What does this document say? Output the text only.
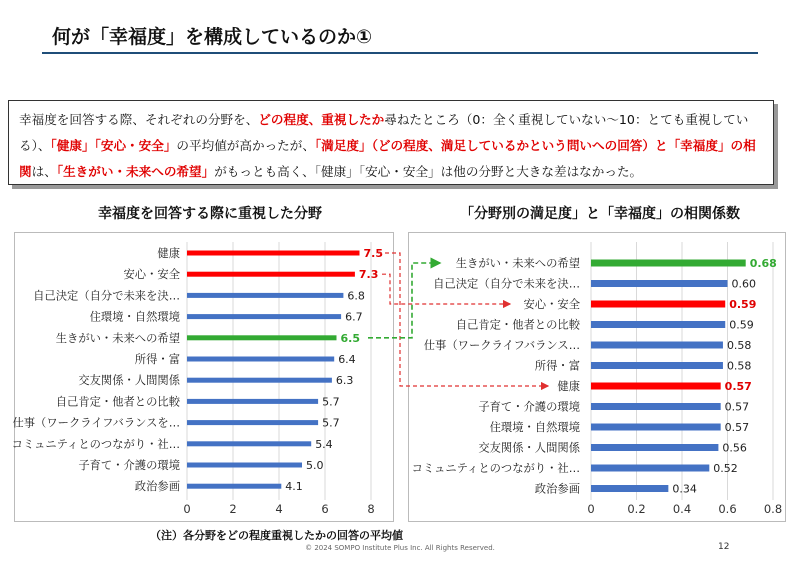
何が「幸福度」を構成しているのか①
幸福度を回答する際、それぞれの分野を、どの程度、重視したか尋ねたところ（0：全く重視していない～10：とても重視している）、「健康」「安心・安全」の平均値が高かったが、「満足度」（どの程度、満足しているかという問いへの回答）と「幸福度」の相関は、「生きがい・未来への希望」がもっとも高く、「健康」「安心・安全」は他の分野と大きな差はなかった。
幸福度を回答する際に重視した分野	「分野別の満足度」と「幸福度」の相関係数
0	2	4	6	8
健康	7.5
安心・安全	7.3
自己決定（自分で未来を決…	6.8
住環境・自然環境	6.7
生きがい・未来への希望	6.5
所得・富	6.4
交友関係・人間関係	6.3
自己肯定・他者との比較	5.7
仕事（ワークライフバランスを…	5.7
コミュニティとのつながり・社…	5.4
子育て・介護の環境	5.0
政治参画	4.1
0	0.2 0.4 0.6 0.8
生きがい・未来への希望	0.68
自己決定（自分で未来を決…	0.60
安心・安全	0.59
自己肯定・他者との比較	0.59
仕事（ワークライフバランス…	0.58
所得・富	0.58
健康	0.57
子育て・介護の環境	0.57
住環境・自然環境	0.57
交友関係・人間関係	0.56
コミュニティとのつながり・社…	0.52
政治参画	0.34
（注）各分野をどの程度重視したかの回答の平均値
© 2024 SOMPO Institute Plus Inc. All Rights Reserved.	12
